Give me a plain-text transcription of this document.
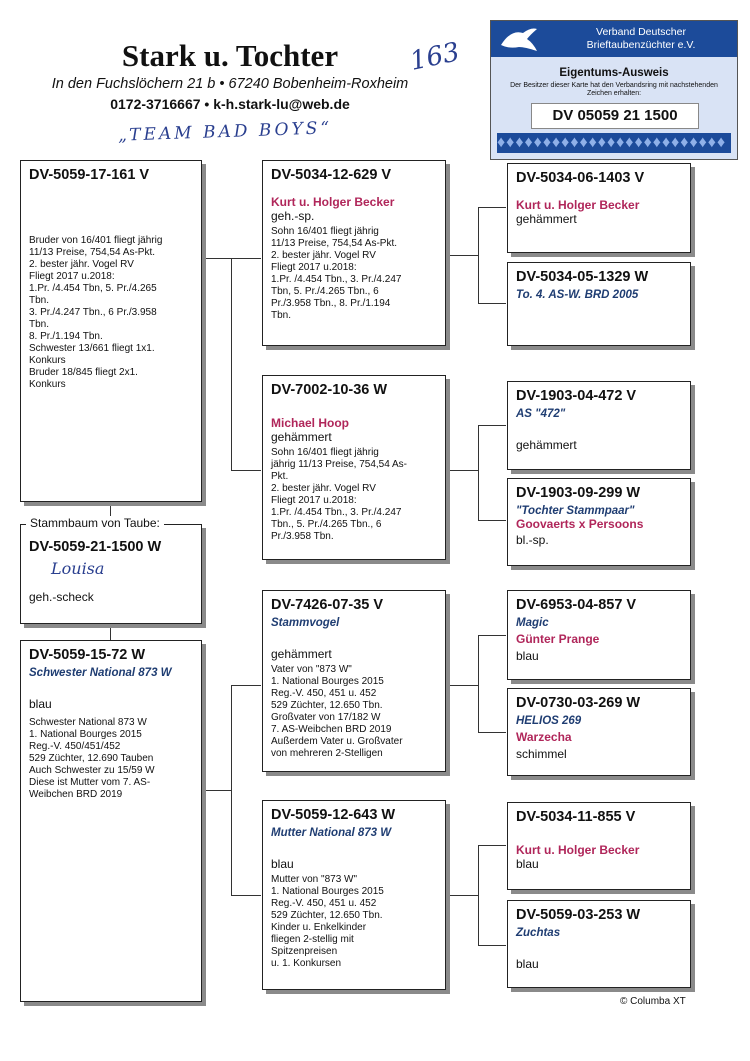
Stark u. Tochter
In den Fuchslöchern 21 b • 67240 Bobenheim-Roxheim
0172-3716667 • k-h.stark-lu@web.de
163
„TEAM BAD BOYS“
Verband Deutscher Brieftaubenzüchter e.V.
Eigentums-Ausweis
Der Besitzer dieser Karte hat den Verbandsring mit nachstehenden Zeichen erhalten:
DV 05059 21 1500
♦♦♦♦♦♦♦♦♦♦♦♦♦♦♦♦♦♦♦♦♦♦♦♦♦
DV-5059-21-1500 W
Louisa
geh.-scheck
Stammbaum von Taube:
DV-5059-17-161 V
Bruder von 16/401 fliegt jährig
11/13 Preise, 754,54 As-Pkt.
2. bester jähr. Vogel RV
Fliegt 2017 u.2018:
1.Pr. /4.454 Tbn, 5. Pr./4.265
Tbn.
3. Pr./4.247 Tbn., 6 Pr./3.958
Tbn.
8. Pr./1.194 Tbn.
Schwester 13/661 fliegt 1x1.
Konkurs
Bruder 18/845 fliegt 2x1.
Konkurs
DV-5059-15-72 W
Schwester National 873 W
blau
Schwester National 873 W
1. National Bourges 2015
Reg.-V. 450/451/452
529 Züchter, 12.690 Tauben
Auch Schwester zu 15/59 W
Diese ist Mutter vom 7. AS-
Weibchen BRD 2019
DV-5034-12-629 V
Kurt u. Holger Becker
geh.-sp.
Sohn 16/401 fliegt jährig
11/13 Preise, 754,54 As-Pkt.
2. bester jähr. Vogel RV
Fliegt 2017 u.2018:
1.Pr. /4.454 Tbn., 3. Pr./4.247
Tbn, 5. Pr./4.265 Tbn., 6
Pr./3.958 Tbn., 8. Pr./1.194
Tbn.
DV-7002-10-36 W
Michael Hoop
gehämmert
Sohn 16/401 fliegt jährig
jährig 11/13 Preise, 754,54 As-
Pkt.
2. bester jähr. Vogel RV
Fliegt 2017 u.2018:
1.Pr. /4.454 Tbn., 3. Pr./4.247
Tbn., 5. Pr./4.265 Tbn., 6
Pr./3.958 Tbn.
DV-7426-07-35 V
Stammvogel
gehämmert
Vater von "873 W"
1. National Bourges 2015
Reg.-V. 450, 451 u. 452
529 Züchter, 12.650 Tbn.
Großvater von 17/182 W
7. AS-Weibchen BRD 2019
Außerdem Vater u. Großvater
von mehreren 2-Stelligen
DV-5059-12-643 W
Mutter National 873 W
blau
Mutter von "873 W"
1. National Bourges 2015
Reg.-V. 450, 451 u. 452
529 Züchter, 12.650 Tbn.
Kinder u. Enkelkinder
fliegen 2-stellig mit
Spitzenpreisen
u. 1. Konkursen
DV-5034-06-1403 V
Kurt u. Holger Becker
gehämmert
DV-5034-05-1329 W
To. 4. AS-W. BRD 2005
DV-1903-04-472 V
AS "472"
gehämmert
DV-1903-09-299 W
"Tochter Stammpaar"
Goovaerts x Persoons
bl.-sp.
DV-6953-04-857 V
Magic
Günter Prange
blau
DV-0730-03-269 W
HELIOS 269
Warzecha
schimmel
DV-5034-11-855 V
Kurt u. Holger Becker
blau
DV-5059-03-253 W
Zuchtas
blau
© Columba XT
